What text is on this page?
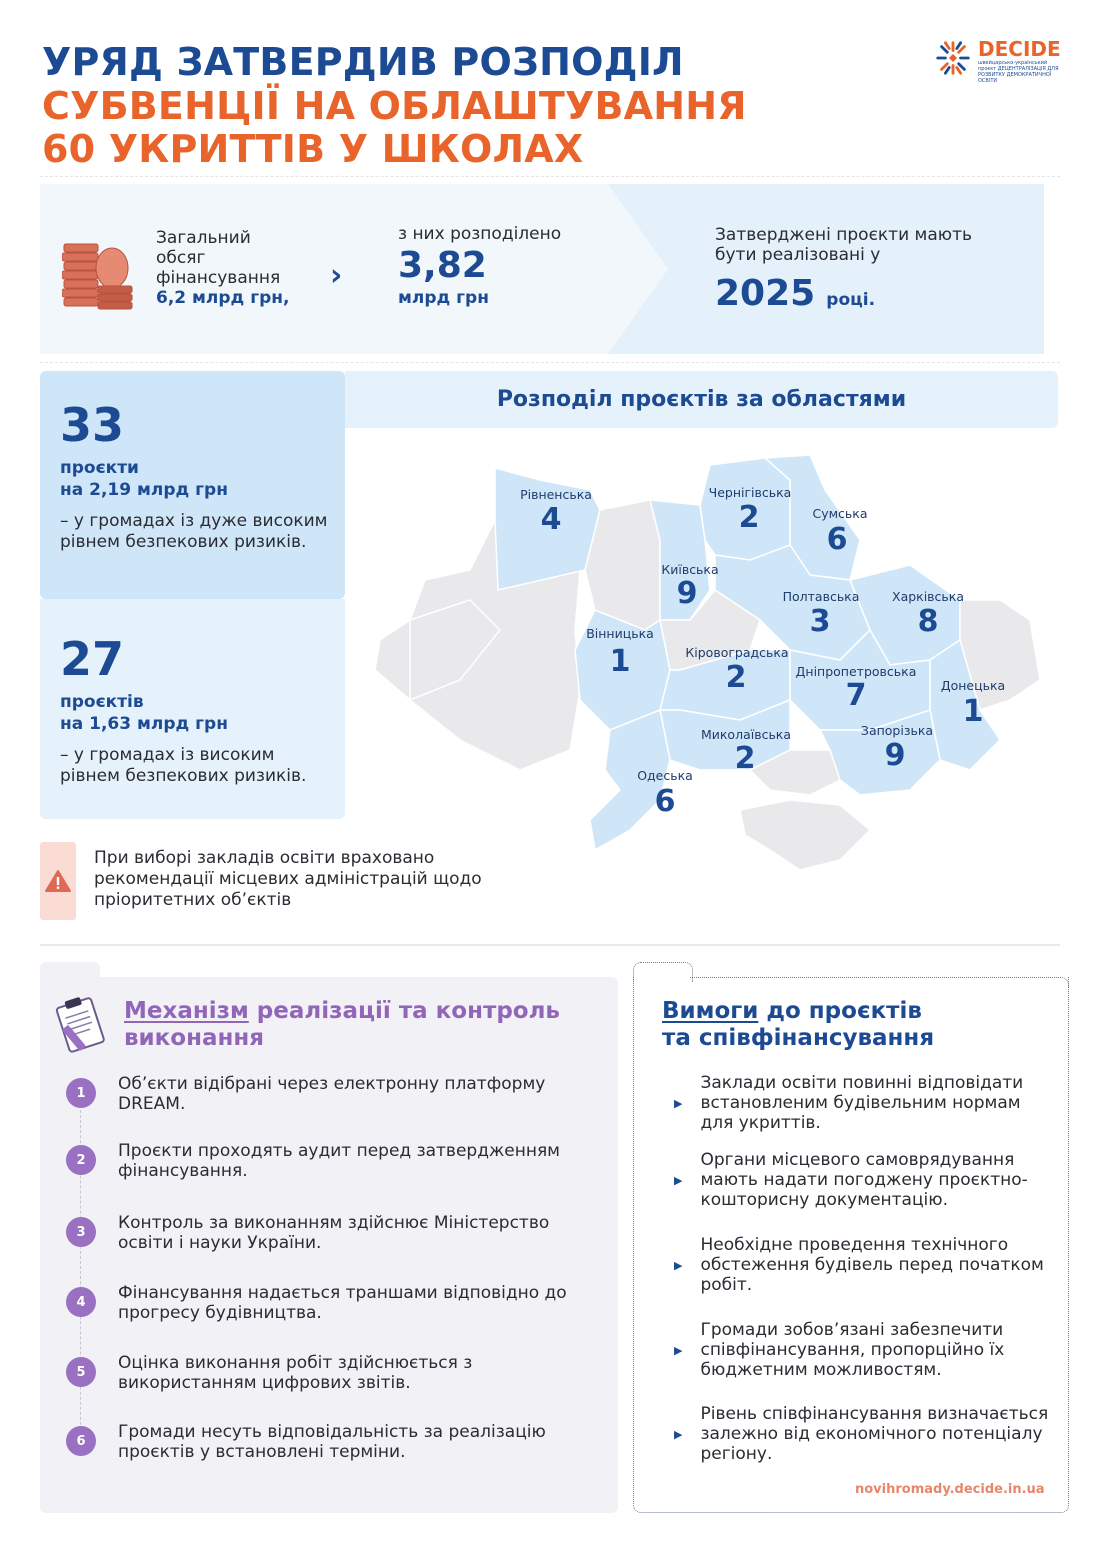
УРЯД ЗАТВЕРДИВ РОЗПОДІЛ
СУБВЕНЦІЇ НА ОБЛАШТУВАННЯ
60 УКРИТТІВ У ШКОЛАХ
DECIDE
швейцарсько-український проєкт ДЕЦЕНТРАЛІЗАЦІЯ ДЛЯ РОЗВИТКУ ДЕМОКРАТИЧНОЇ ОСВІТИ
Загальний
обсяг
фінансування
6,2 млрд грн,
›
з них розподілено
3,82
млрд грн
Затверджені проєкти мають
бути реалізовані у
2025 році.
33
проєкти
на 2,19 млрд грн
– у громадах із дуже високим рівнем безпекових ризиків.
27
проєктів
на 1,63 млрд грн
– у громадах із високим рівнем безпекових ризиків.
Розподіл проєктів за областями
Рівненська
4
Чернігівська
2	Сумська
6
Київська
9	Полтавська
3
Харківська
8
Вінницька
1	Кіровоградська
2	Дніпропетровська
7	Донецька
1
Миколаївська
2
Запорізька
9
Одеська
6
При виборі закладів освіти враховано рекомендації місцевих адміністрацій щодо пріоритетних об’єктів
Механізм реалізації та контроль виконання
1	Об’єкти відібрані через електронну платформу DREAM.
2	Проєкти проходять аудит перед затвердженням фінансування.
3	Контроль за виконанням здійснює Міністерство освіти і науки України.
4	Фінансування надається траншами відповідно до прогресу будівництва.
5	Оцінка виконання робіт здійснюється з використанням цифрових звітів.
6	Громади несуть відповідальність за реалізацію проєктів у встановлені терміни.
Вимоги до проєктів
та співфінансування
▶
Заклади освіти повинні відповідати встановленим будівельним нормам для укриттів.
▶
Органи місцевого самоврядування мають надати погоджену проєктно-кошторисну документацію.
▶
Необхідне проведення технічного обстеження будівель перед початком робіт.
▶
Громади зобов’язані забезпечити співфінансування, пропорційно їх бюджетним можливостям.
▶
Рівень співфінансування визначається залежно від економічного потенціалу регіону.
novihromady.decide.in.ua
